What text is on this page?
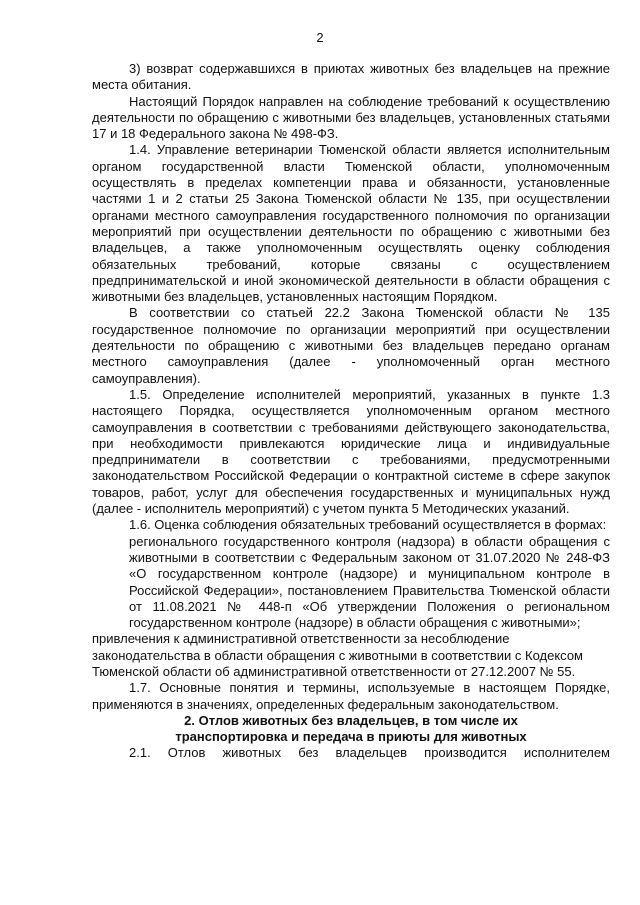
2

3) возврат содержавшихся в приютах животных без владельцев на прежние места обитания.

Настоящий Порядок направлен на соблюдение требований к осуществлению деятельности по обращению с животными без владельцев, установленных статьями 17 и 18 Федерального закона № 498-ФЗ.

1.4. Управление ветеринарии Тюменской области является исполнительным органом государственной власти Тюменской области, уполномоченным осуществлять в пределах компетенции права и обязанности, установленные частями 1 и 2 статьи 25 Закона Тюменской области № 135, при осуществлении органами местного самоуправления государственного полномочия по организации мероприятий при осуществлении деятельности по обращению с животными без владельцев, а также уполномоченным осуществлять оценку соблюдения обязательных требований, которые связаны с осуществлением предпринимательской и иной экономической деятельности в области обращения с животными без владельцев, установленных настоящим Порядком.

В соответствии со статьей 22.2 Закона Тюменской области № 135 государственное полномочие по организации мероприятий при осуществлении деятельности по обращению с животными без владельцев передано органам местного самоуправления (далее - уполномоченный орган местного самоуправления).

1.5. Определение исполнителей мероприятий, указанных в пункте 1.3 настоящего Порядка, осуществляется уполномоченным органом местного самоуправления в соответствии с требованиями действующего законодательства, при необходимости привлекаются юридические лица и индивидуальные предприниматели в соответствии с требованиями, предусмотренными законодательством Российской Федерации о контрактной системе в сфере закупок товаров, работ, услуг для обеспечения государственных и муниципальных нужд (далее - исполнитель мероприятий) с учетом пункта 5 Методических указаний.

1.6. Оценка соблюдения обязательных требований осуществляется в формах:

регионального государственного контроля (надзора) в области обращения с животными в соответствии с Федеральным законом от 31.07.2020 № 248-ФЗ «О государственном контроле (надзоре) и муниципальном контроле в Российской Федерации», постановлением Правительства Тюменской области от 11.08.2021 № 448-п «Об утверждении Положения о региональном государственном контроле (надзоре) в области обращения с животными»;

привлечения к административной ответственности за несоблюдение законодательства в области обращения с животными в соответствии с Кодексом Тюменской области об административной ответственности от 27.12.2007 № 55.

1.7. Основные понятия и термины, используемые в настоящем Порядке, применяются в значениях, определенных федеральным законодательством.

2. Отлов животных без владельцев, в том числе их

транспортировка и передача в приюты для животных

2.1. Отлов животных без владельцев производится исполнителем
